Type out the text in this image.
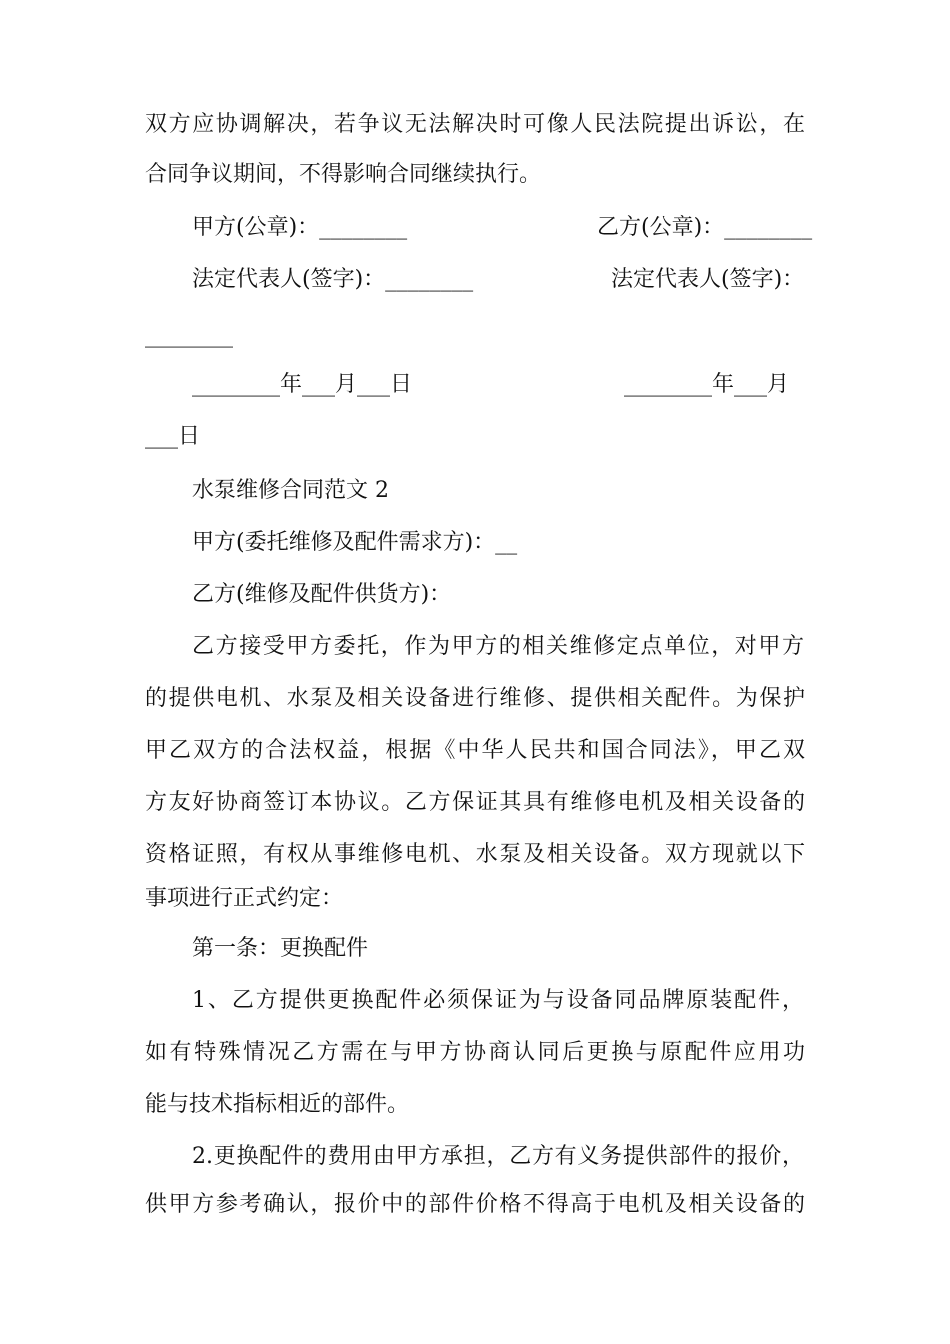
双方应协调解决，若争议无法解决时可像人民法院提出诉讼，在
合同争议期间，不得影响合同继续执行。
甲方(公章)：________	乙方(公章)：________
法定代表人(签字)：________	法定代表人(签字)：
________
________年___月___日	________年___月
___日
水泵维修合同范文 2
甲方(委托维修及配件需求方)：__
乙方(维修及配件供货方)：
乙方接受甲方委托，作为甲方的相关维修定点单位，对甲方
的提供电机、水泵及相关设备进行维修、提供相关配件。为保护
甲乙双方的合法权益，根据《中华人民共和国合同法》，甲乙双
方友好协商签订本协议。乙方保证其具有维修电机及相关设备的
资格证照，有权从事维修电机、水泵及相关设备。双方现就以下
事项进行正式约定：
第一条：更换配件
1、乙方提供更换配件必须保证为与设备同品牌原装配件，
如有特殊情况乙方需在与甲方协商认同后更换与原配件应用功
能与技术指标相近的部件。
2.更换配件的费用由甲方承担，乙方有义务提供部件的报价，
供甲方参考确认，报价中的部件价格不得高于电机及相关设备的
